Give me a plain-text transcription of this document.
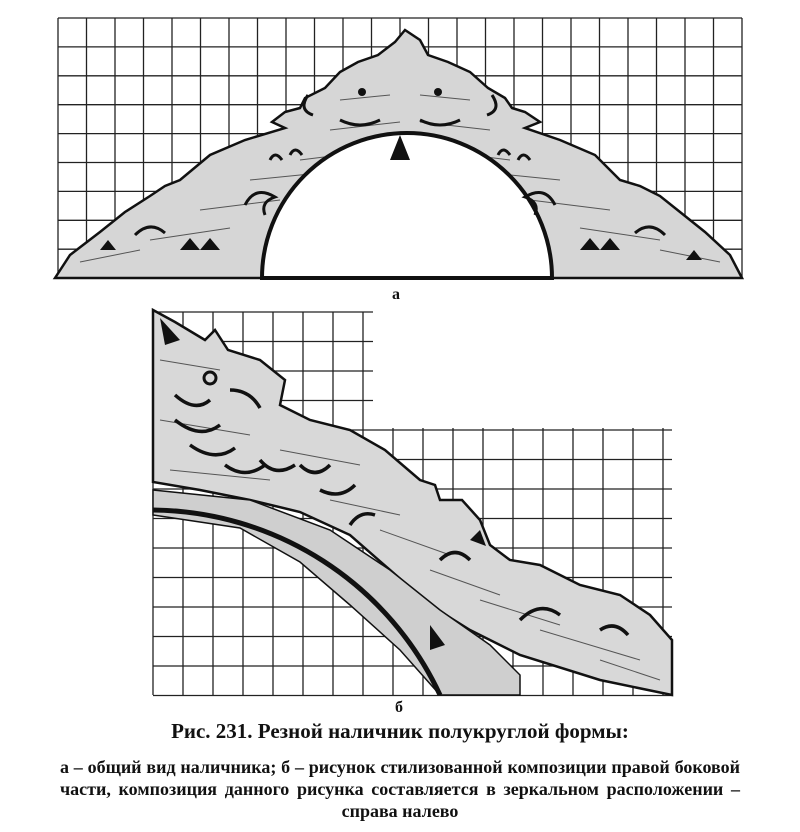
а
б
Рис. 231. Резной наличник полукруглой формы:
а – общий вид наличника; б – рисунок стилизованной композиции правой боковой части, композиция данного рисунка составляется в зеркальном расположении – справа налево
